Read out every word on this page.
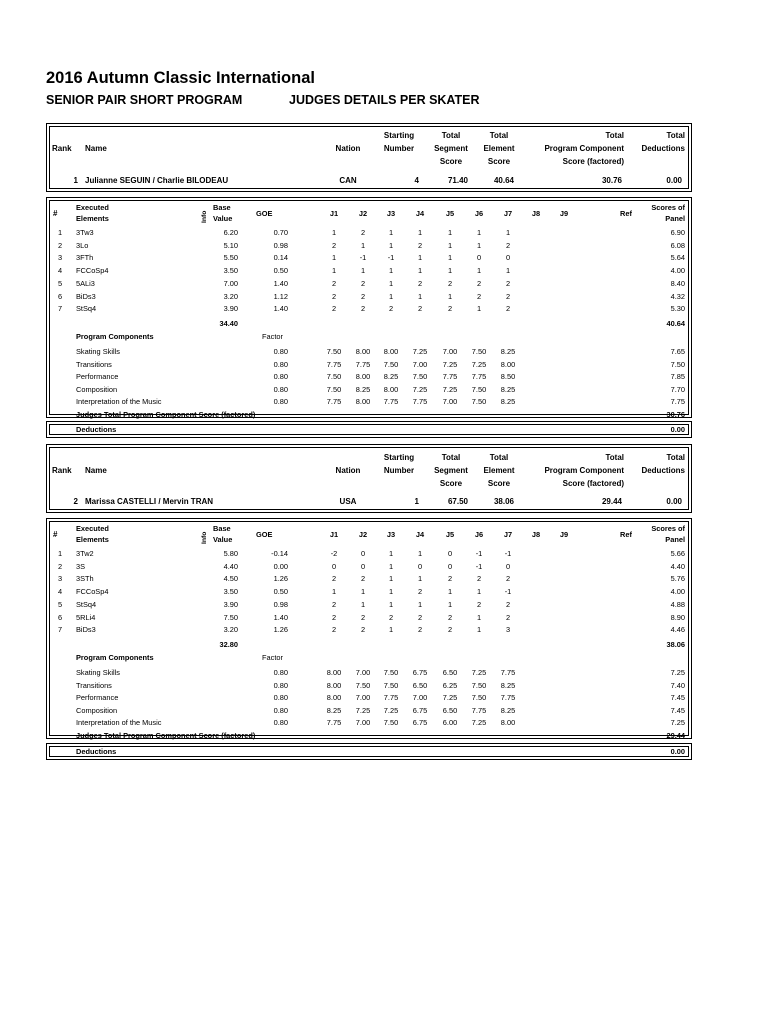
2016 Autumn Classic International
SENIOR PAIR SHORT PROGRAM	JUDGES DETAILS PER SKATER
Rank Name	Nation
Starting
Number
Total
Segment
Score
Total
Element
Score
Total
Program Component
Score (factored)
Total
Deductions
1 Julianne SEGUIN / Charlie BILODEAU	CAN	4	71.40	40.64	30.76	0.00
#
Executed
Elements	Info
Base
Value
GOE	J1	J2	J3	J4	J5	J6	J7	J8	J9	Ref
Scores of
Panel
1 3Tw3	6.20	0.70	1	2	1	1	1	1	1	6.90
2 3Lo	5.10	0.98	2	1	1	2	1	1	2	6.08
3 3FTh	5.50	0.14	1	-1	-1	1	1	0	0	5.64
4 FCCoSp4	3.50	0.50	1	1	1	1	1	1	1	4.00
5 5ALi3	7.00	1.40	2	2	1	2	2	2	2	8.40
6 BiDs3	3.20	1.12	2	2	1	1	1	2	2	4.32
7 StSq4	3.90	1.40	2	2	2	2	2	1	2	5.30
34.40	40.64
Program Components	Factor
Skating Skills	0.80	7.50	8.00	8.00	7.25	7.00	7.50	8.25	7.65
Transitions	0.80	7.75	7.75	7.50	7.00	7.25	7.25	8.00	7.50
Performance	0.80	7.50	8.00	8.25	7.50	7.75	7.75	8.50	7.85
Composition	0.80	7.50	8.25	8.00	7.25	7.25	7.50	8.25	7.70
Interpretation of the Music	0.80	7.75	8.00	7.75	7.75	7.00	7.50	8.25	7.75
Judges Total Program Component Score (factored)	30.76
Deductions	0.00
Rank Name	Nation
Starting
Number
Total
Segment
Score
Total
Element
Score
Total
Program Component
Score (factored)
Total
Deductions
2 Marissa CASTELLI / Mervin TRAN	USA	1	67.50	38.06	29.44	0.00
#
Executed
Elements	Info
Base
Value
GOE	J1	J2	J3	J4	J5	J6	J7	J8	J9	Ref
Scores of
Panel
1 3Tw2	5.80	-0.14	-2	0	1	1	0	-1	-1	5.66
2 3S	4.40	0.00	0	0	1	0	0	-1	0	4.40
3 3STh	4.50	1.26	2	2	1	1	2	2	2	5.76
4 FCCoSp4	3.50	0.50	1	1	1	2	1	1	-1	4.00
5 StSq4	3.90	0.98	2	1	1	1	1	2	2	4.88
6 5RLi4	7.50	1.40	2	2	2	2	2	1	2	8.90
7 BiDs3	3.20	1.26	2	2	1	2	2	1	3	4.46
32.80	38.06
Program Components	Factor
Skating Skills	0.80	8.00	7.00	7.50	6.75	6.50	7.25	7.75	7.25
Transitions	0.80	8.00	7.50	7.50	6.50	6.25	7.50	8.25	7.40
Performance	0.80	8.00	7.00	7.75	7.00	7.25	7.50	7.75	7.45
Composition	0.80	8.25	7.25	7.25	6.75	6.50	7.75	8.25	7.45
Interpretation of the Music	0.80	7.75	7.00	7.50	6.75	6.00	7.25	8.00	7.25
Judges Total Program Component Score (factored)	29.44
Deductions	0.00
